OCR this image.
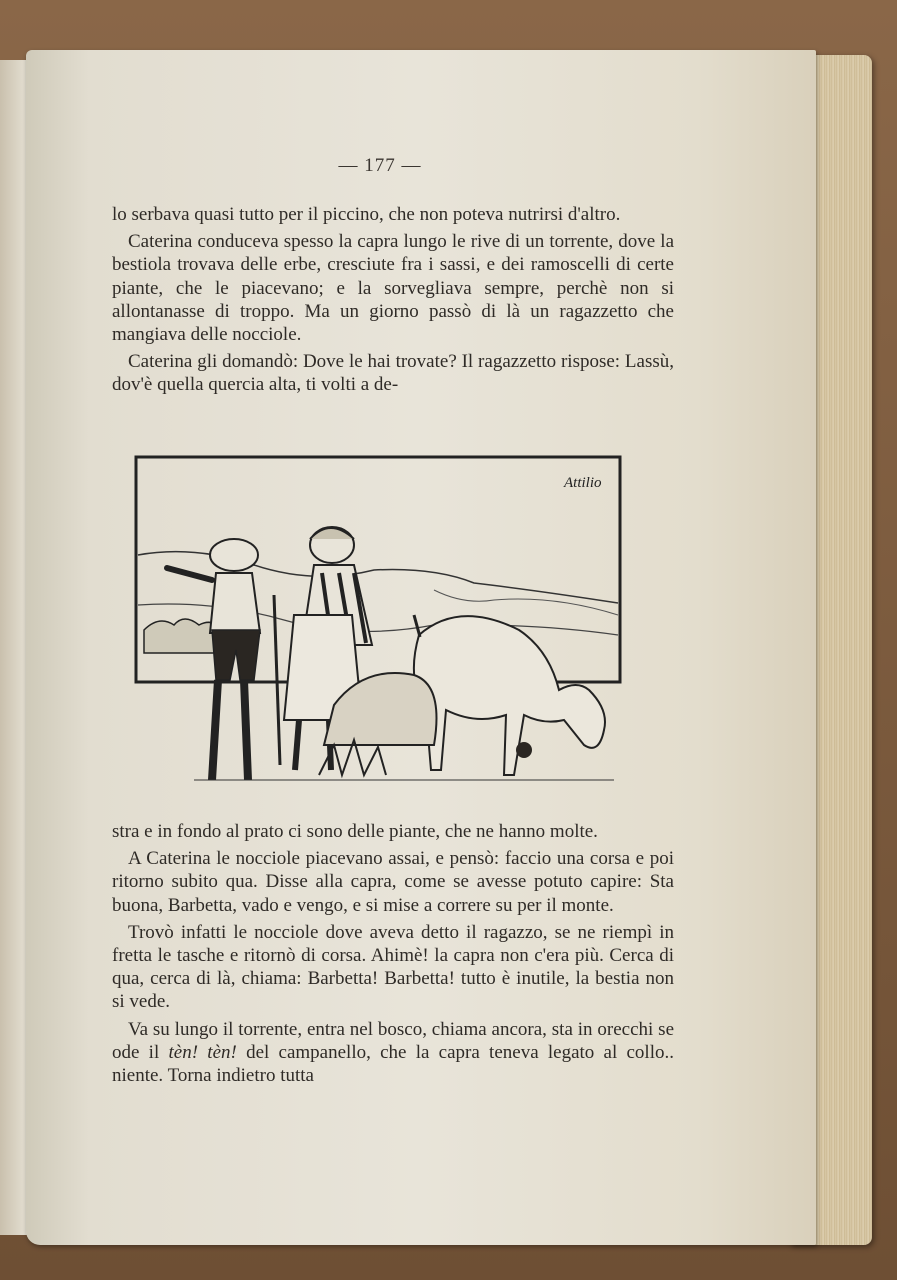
— 177 —

lo serbava quasi tutto per il piccino, che non poteva nutrirsi d'altro.

Caterina conduceva spesso la capra lungo le rive di un torrente, dove la bestiola trovava delle erbe, cresciute fra i sassi, e dei ramoscelli di certe piante, che le piacevano; e la sorvegliava sempre, perchè non si allontanasse di troppo. Ma un giorno passò di là un ragazzetto che mangiava delle nocciole.

Caterina gli domandò: Dove le hai trovate? Il ragazzetto rispose: Lassù, dov'è quella quercia alta, ti volti a de-

Attilio

stra e in fondo al prato ci sono delle piante, che ne hanno molte.

A Caterina le nocciole piacevano assai, e pensò: faccio una corsa e poi ritorno subito qua. Disse alla capra, come se avesse potuto capire: Sta buona, Barbetta, vado e vengo, e si mise a correre su per il monte.

Trovò infatti le nocciole dove aveva detto il ragazzo, se ne riempì in fretta le tasche e ritornò di corsa. Ahimè! la capra non c'era più. Cerca di qua, cerca di là, chiama: Barbetta! Barbetta! tutto è inutile, la bestia non si vede.

Va su lungo il torrente, entra nel bosco, chiama ancora, sta in orecchi se ode il tèn! tèn! del campanello, che la capra teneva legato al collo.. niente. Torna indietro tutta
